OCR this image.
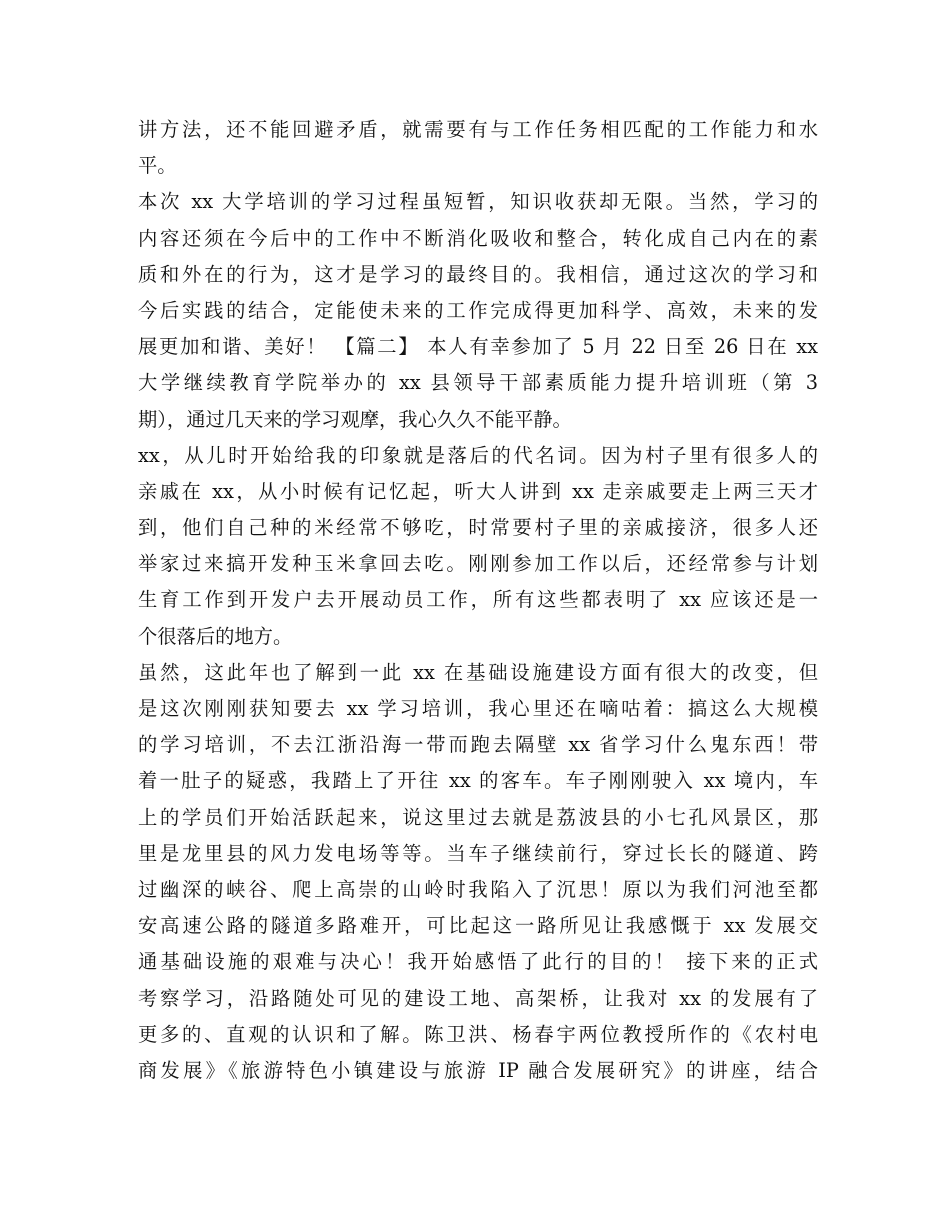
讲方法，还不能回避矛盾，就需要有与工作任务相匹配的工作能力和水
平。
本次 xx 大学培训的学习过程虽短暂，知识收获却无限。当然，学习的
内容还须在今后中的工作中不断消化吸收和整合，转化成自己内在的素
质和外在的行为，这才是学习的最终目的。我相信，通过这次的学习和
今后实践的结合，定能使未来的工作完成得更加科学、高效，未来的发
展更加和谐、美好！ 【篇二】 本人有幸参加了 5 月 22 日至 26 日在 xx
大学继续教育学院举办的 xx 县领导干部素质能力提升培训班（第 3
期），通过几天来的学习观摩，我心久久不能平静。
xx，从儿时开始给我的印象就是落后的代名词。因为村子里有很多人的
亲戚在 xx，从小时候有记忆起，听大人讲到 xx 走亲戚要走上两三天才
到，他们自己种的米经常不够吃，时常要村子里的亲戚接济，很多人还
举家过来搞开发种玉米拿回去吃。刚刚参加工作以后，还经常参与计划
生育工作到开发户去开展动员工作，所有这些都表明了 xx 应该还是一
个很落后的地方。
虽然，这此年也了解到一此 xx 在基础设施建设方面有很大的改变，但
是这次刚刚获知要去 xx 学习培训，我心里还在嘀咕着：搞这么大规模
的学习培训，不去江浙沿海一带而跑去隔壁 xx 省学习什么鬼东西！带
着一肚子的疑惑，我踏上了开往 xx 的客车。车子刚刚驶入 xx 境内，车
上的学员们开始活跃起来，说这里过去就是荔波县的小七孔风景区，那
里是龙里县的风力发电场等等。当车子继续前行，穿过长长的隧道、跨
过幽深的峡谷、爬上高崇的山岭时我陷入了沉思！原以为我们河池至都
安高速公路的隧道多路难开，可比起这一路所见让我感慨于 xx 发展交
通基础设施的艰难与决心！我开始感悟了此行的目的！ 接下来的正式
考察学习，沿路随处可见的建设工地、高架桥，让我对 xx 的发展有了
更多的、直观的认识和了解。陈卫洪、杨春宇两位教授所作的《农村电
商发展》《旅游特色小镇建设与旅游 IP 融合发展研究》的讲座，结合
